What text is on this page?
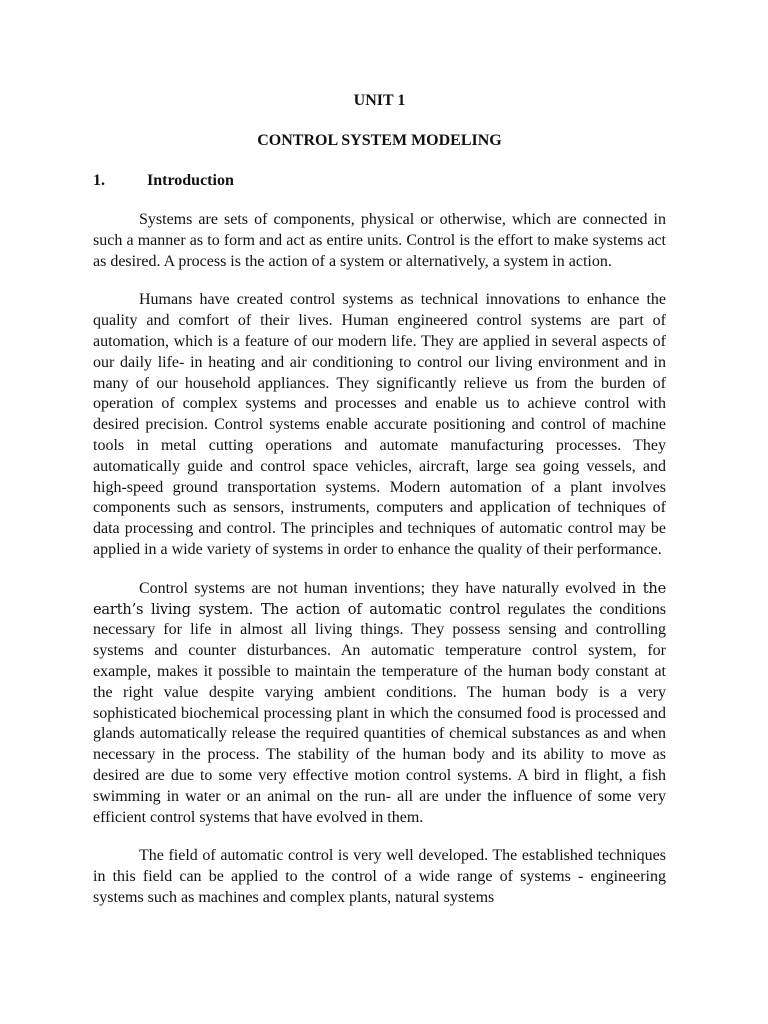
UNIT 1

CONTROL SYSTEM MODELING

1.	Introduction

Systems are sets of components, physical or otherwise, which are connected in such a manner as to form and act as entire units. Control is the effort to make systems act as desired. A process is the action of a system or alternatively, a system in action.

Humans have created control systems as technical innovations to enhance the quality and comfort of their lives. Human engineered control systems are part of automation, which is a feature of our modern life. They are applied in several aspects of our daily life- in heating and air conditioning to control our living environment and in many of our household appliances. They significantly relieve us from the burden of operation of complex systems and processes and enable us to achieve control with desired precision. Control systems enable accurate positioning and control of machine tools in metal cutting operations and automate manufacturing processes. They automatically guide and control space vehicles, aircraft, large sea going vessels, and high-speed ground transportation systems. Modern automation of a plant involves components such as sensors, instruments, computers and application of techniques of data processing and control. The principles and techniques of automatic control may be applied in a wide variety of systems in order to enhance the quality of their performance.

Control systems are not human inventions; they have naturally evolved in the earth’s living system. The action of automatic control regulates the conditions necessary for life in almost all living things. They possess sensing and controlling systems and counter disturbances. An automatic temperature control system, for example, makes it possible to maintain the temperature of the human body constant at the right value despite varying ambient conditions. The human body is a very sophisticated biochemical processing plant in which the consumed food is processed and glands automatically release the required quantities of chemical substances as and when necessary in the process. The stability of the human body and its ability to move as desired are due to some very effective motion control systems. A bird in flight, a fish swimming in water or an animal on the run- all are under the influence of some very efficient control systems that have evolved in them.

The field of automatic control is very well developed. The established techniques in this field can be applied to the control of a wide range of systems - engineering systems such as machines and complex plants, natural systems
